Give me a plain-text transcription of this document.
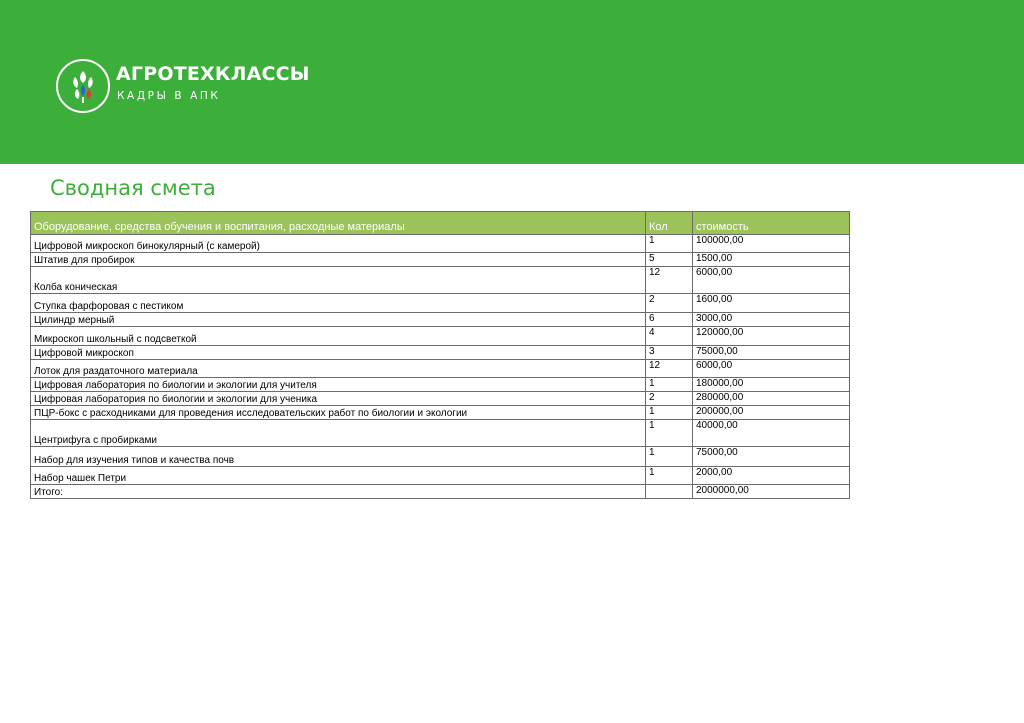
АГРОТЕХКЛАССЫ
КАДРЫ В АПК
Сводная смета
Оборудование, средства обучения и воспитания, расходные материалы	Кол	стоимость
Цифровой микроскоп бинокулярный (с камерой)	1	100000,00
Штатив для пробирок	5	1500,00
Колба коническая	12	6000,00
Ступка фарфоровая с пестиком	2	1600,00
Цилиндр мерный	6	3000,00
Микроскоп школьный с подсветкой	4	120000,00
Цифровой микроскоп	3	75000,00
Лоток для раздаточного материала	12	6000,00
Цифровая лаборатория по биологии и экологии для учителя	1	180000,00
Цифровая лаборатория по биологии и экологии для ученика	2	280000,00
ПЦР-бокс с расходниками для проведения исследовательских работ по биологии и экологии	1	200000,00
Центрифуга с пробирками	1	40000,00
Набор для изучения типов и качества почв	1	75000,00
Набор чашек Петри	1	2000,00
Итого:		2000000,00
